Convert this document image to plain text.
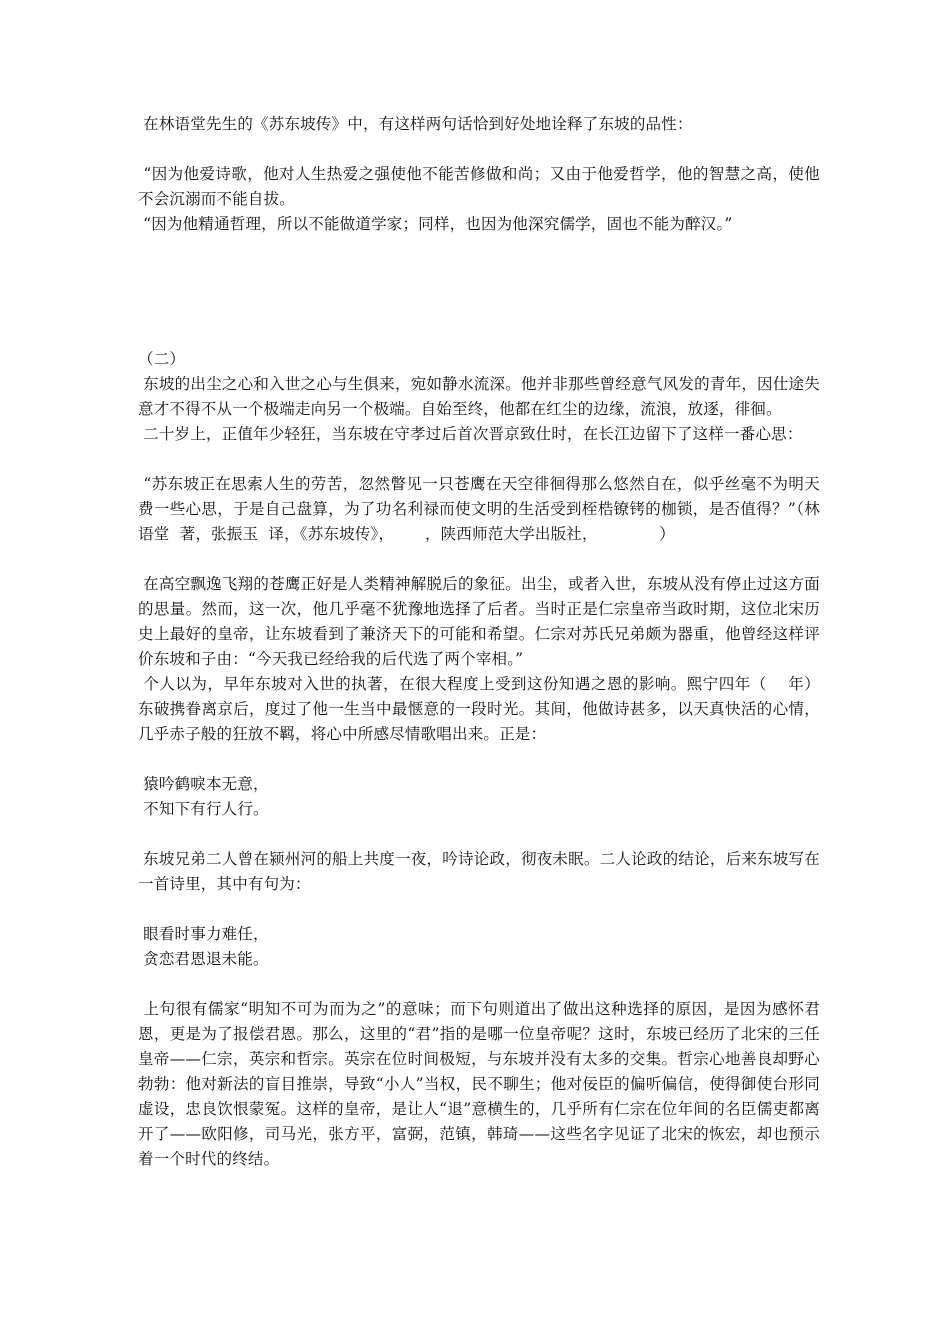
在林语堂先生的《苏东坡传》中，有这样两句话恰到好处地诠释了东坡的品性：

“因为他爱诗歌，他对人生热爱之强使他不能苦修做和尚；又由于他爱哲学，他的智慧之高，使他不会沉溺而不能自拔。

“因为他精通哲理，所以不能做道学家；同样，也因为他深究儒学，固也不能为醉汉。”

（二）

东坡的出尘之心和入世之心与生俱来，宛如静水流深。他并非那些曾经意气风发的青年，因仕途失意才不得不从一个极端走向另一个极端。自始至终，他都在红尘的边缘，流浪，放逐，徘徊。

二十岁上，正值年少轻狂，当东坡在守孝过后首次晋京致仕时，在长江边留下了这样一番心思：

“苏东坡正在思索人生的劳苦，忽然瞥见一只苍鹰在天空徘徊得那么悠然自在，似乎丝毫不为明天费一些心思，于是自己盘算，为了功名利禄而使文明的生活受到桎梏镣铐的枷锁，是否值得？”（林语堂  著，张振玉  译，《苏东坡传》，      ，陕西师范大学出版社，            ）

在高空飘逸飞翔的苍鹰正好是人类精神解脱后的象征。出尘，或者入世，东坡从没有停止过这方面的思量。然而，这一次，他几乎毫不犹豫地选择了后者。当时正是仁宗皇帝当政时期，这位北宋历史上最好的皇帝，让东坡看到了兼济天下的可能和希望。仁宗对苏氏兄弟颇为器重，他曾经这样评价东坡和子由：“今天我已经给我的后代选了两个宰相。”

个人以为，早年东坡对入世的执著，在很大程度上受到这份知遇之恩的影响。熙宁四年（    年）东破携眷离京后，度过了他一生当中最惬意的一段时光。其间，他做诗甚多，以天真快活的心情，几乎赤子般的狂放不羁，将心中所感尽情歌唱出来。正是：

猿吟鹤唳本无意，

不知下有行人行。

东坡兄弟二人曾在颍州河的船上共度一夜，吟诗论政，彻夜未眠。二人论政的结论，后来东坡写在一首诗里，其中有句为：

眼看时事力难任，

贪恋君恩退未能。

上句很有儒家“明知不可为而为之”的意味；而下句则道出了做出这种选择的原因，是因为感怀君恩，更是为了报偿君恩。那么，这里的“君”指的是哪一位皇帝呢？这时，东坡已经历了北宋的三任皇帝——仁宗，英宗和哲宗。英宗在位时间极短，与东坡并没有太多的交集。哲宗心地善良却野心勃勃：他对新法的盲目推崇，导致“小人”当权，民不聊生；他对佞臣的偏听偏信，使得御使台形同虚设，忠良饮恨蒙冤。这样的皇帝，是让人“退”意横生的，几乎所有仁宗在位年间的名臣儒吏都离开了——欧阳修，司马光，张方平，富弼，范镇，韩琦——这些名字见证了北宋的恢宏，却也预示着一个时代的终结。
